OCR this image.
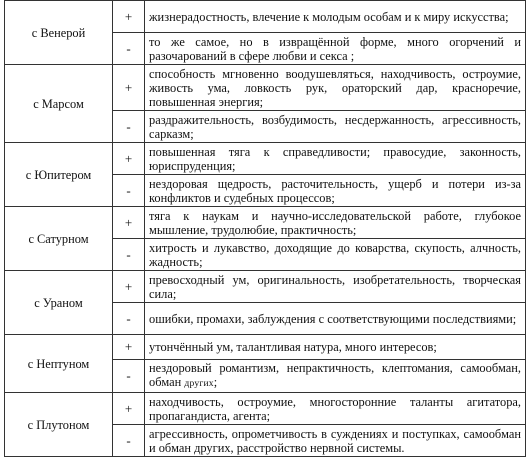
с Венерой	+	жизнерадостность, влечение к молодым особам и к миру искусства;
	-	то же самое, но в извращённой форме, много огорчений и разочарований в сфере любви и секса ;
с Марсом	+	способность мгновенно воодушевляться, находчивость, остроумие, живость ума, ловкость рук, ораторский дар, красноречие, повышенная энергия;
	-	раздражительность, возбудимость, несдержанность, агрессивность, сарказм;
с Юпитером	+	повышенная тяга к справедливости; правосудие, законность, юриспруденция;
	-	нездоровая щедрость, расточительность, ущерб и потери из-за конфликтов и судебных процессов;
с Сатурном	+	тяга к наукам и научно-исследовательской работе, глубокое мышление, трудолюбие, практичность;
	-	хитрость и лукавство, доходящие до коварства, скупость, алчность, жадность;
с Ураном	+	превосходный ум, оригинальность, изобретательность, творческая сила;
	-	ошибки, промахи, заблуждения с соответствующими последствиями;
с Нептуном	+	утончённый ум, талантливая натура, много интересов;
	-	нездоровый романтизм, непрактичность, клептомания, самообман, обман других;
с Плутоном	+	находчивость, остроумие, многосторонние таланты агитатора, пропагандиста, агента;
	-	агрессивность, опрометчивость в суждениях и поступках, самообман и обман других, расстройство нервной системы.
